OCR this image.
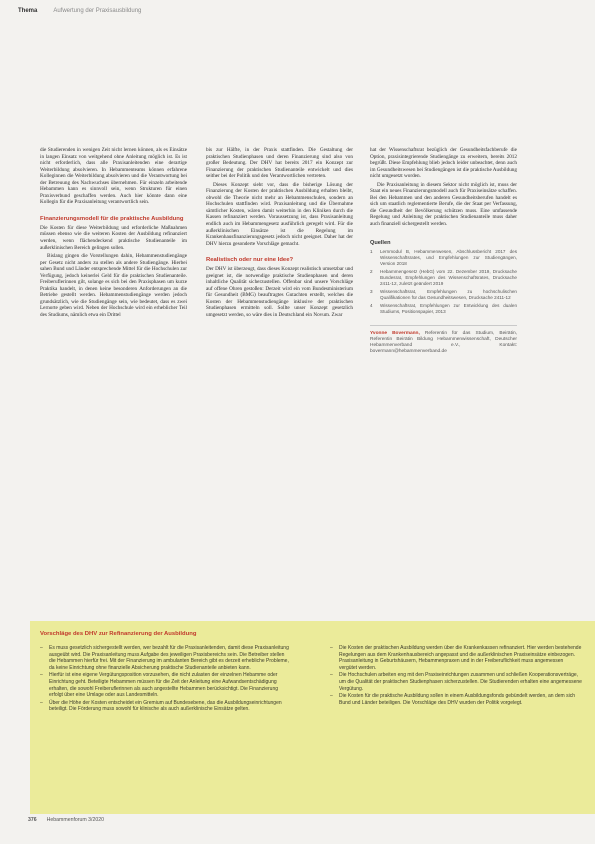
Thema	Aufwertung der Praxisausbildung

die Studierenden in wenigen Zeit nicht lernen können, als es Einsätze in langen Einsatz von weitgehend ohne Anleitung möglich ist. Es ist nicht erforderlich, dass alle Praxisanleitenden eine derartige Weiterbildung absolvieren. In Hebammenteams können erfahrene Kolleginnen die Weiterbildung absolvieren und die Verantwortung bei der Betreuung des Nachwuchses übernehmen. Für einzeln arbeitende Hebammen kann es sinnvoll sein, wenn Strukturen für einen Praxisverbund geschaffen werden. Auch hier könnte dann eine Kollegin für die Praxisanleitung verantwortlich sein.

Finanzierungsmodell für die praktische Ausbildung

Die Kosten für diese Weiterbildung und erforderliche Maßnahmen müssen ebenso wie die weiteren Kosten der Ausbildung refinanziert werden, wenn flächendeckend praktische Studienanteile im außerklinischen Bereich gelingen sollen.

Bislang gingen die Vorstellungen dahin, Hebammenstudiengänge per Gesetz nicht anders zu stellen als andere Studiengänge. Hierbei sahen Bund und Länder entsprechende Mittel für die Hochschulen zur Verfügung, jedoch keinerlei Geld für die praktischen Studienanteile. Freiberuflerinnen gilt, solange es sich bei den Praxisphasen um kurze Praktika handelt, in denen keine besonderen Anforderungen an die Betriebe gestellt werden. Hebammenstudiengänge werden jedoch grundsätzlich, wie die Studiengänge sein, wie bedeutet, dass es zwei Lernorte geben wird. Neben der Hochschule wird ein erheblicher Teil des Studiums, nämlich etwa ein Drittel

bis zur Hälfte, in der Praxis stattfinden. Die Gestaltung der praktischen Studienphasen und deren Finanzierung sind also von großer Bedeutung. Der DHV hat bereits 2017 ein Konzept zur Finanzierung der praktischen Studienanteile entwickelt und dies seither bei der Politik und den Verantwortlichen vertreten.

Dieses Konzept sieht vor, dass die bisherige Lösung der Finanzierung der Kosten der praktischen Ausbildung erhalten bleibt, obwohl die Theorie nicht mehr an Hebammenschulen, sondern an Hochschulen stattfinden wird. Praxisanleitung und die Übernahme sämtlicher Kosten, wären damit weiterhin in den Kliniken durch die Kassen refinanziert werden. Voraussetzung ist, dass Praxisanleitung endlich auch im Hebammengesetz ausführlich geregelt wird. Für die außerklinischen Einsätze ist die Regelung im Krankenhausfinanzierungsgesetz jedoch nicht geeignet. Daher hat der DHV hierzu gesonderte Vorschläge gemacht.

Realistisch oder nur eine Idee?

Der DHV ist überzeugt, dass dieses Konzept realistisch umsetzbar und geeignet ist, die notwendige praktische Studienphasen und deren inhaltliche Qualität sicherzustellen. Offenbar sind unsere Vorschläge auf offene Ohren gestoßen: Derzeit wird ein vom Bundesministerium für Gesundheit (BMG) beauftragtes Gutachten erstellt, welches die Kosten der Hebammenstudiengänge inklusive der praktischen Studienphasen ermitteln soll. Sollte unser Konzept gesetzlich umgesetzt werden, so wäre dies in Deutschland ein Novum. Zwar

hat der Wissenschaftsrat bezüglich der Gesundheitsfachberufe die Option, praxisintegrierende Studiengänge zu erweitern, bereits 2012 begrüßt. Diese Empfehlung blieb jedoch leider unbeachtet, denn auch im Gesundheitswesen bei Studiengängen ist die praktische Ausbildung nicht umgesetzt worden.

Die Praxisanleitung in diesem Sektor nicht möglich ist, muss der Staat ein neues Finanzierungsmodell auch für Praxiseinsätze schaffen. Bei den Hebammen und den anderen Gesundheitsberufen handelt es sich um staatlich reglementierte Berufe, die der Staat per Verfassung, die Gesundheit der Bevölkerung schützen muss. Eine umfassende Regelung und Anleitung der praktischen Studienanteile muss daher auch finanziell sichergestellt werden.

Quellen
1	Lernmodul B, Hebammenwesen, Abschlussbericht 2017 des Wissenschaftsrates, und Empfehlungen zur Studiengängen, Version 2018
2	Hebammengesetz (HebG) vom 22. Dezember 2019, Drucksache Bundesrat, Empfehlungen des Wissenschaftsrates, Drucksache 2411-12, zuletzt geändert 2019
3	Wissenschaftsrat, Empfehlungen zu hochschulischen Qualifikationen für das Gesundheitswesen, Drucksache 2411-12
4	Wissenschaftsrat, Empfehlungen zur Entwicklung des dualen Studiums, Positionspapier, 2013
Yvonne Bovermann, Referentin für das Studium, Beirätin, Referentin Beirätin Bildung Hebammenwissenschaft, Deutscher Hebammenverband e.V., Kontakt: bovermann@hebammenverband.de
Vorschläge des DHV zur Refinanzierung der Ausbildung
– Es muss gesetzlich sichergestellt werden, wer bezahlt für die Praxisanleitenden, damit diese Praxisanleitung ausgeübt wird. Die Praxisanleitung muss Aufgabe des jeweiligen Praxisbereichs sein. Die Betreiber stellen die Hebammen hierfür frei. Mit der Finanzierung im ambulanten Bereich gibt es derzeit erhebliche Probleme, da keine Einrichtung ohne finanzielle Absicherung praktische Studienanteile anbieten kann.
– Hierfür ist eine eigene Vergütungsposition vorzusehen, die nicht zulasten der einzelnen Hebamme oder Einrichtung geht. Beteiligte Hebammen müssen für die Zeit der Anleitung eine Aufwandsentschädigung erhalten, die sowohl Freiberuflerinnen als auch angestellte Hebammen berücksichtigt. Die Finanzierung erfolgt über eine Umlage oder aus Landesmitteln.
– Über die Höhe der Kosten entscheidet ein Gremium auf Bundesebene, das die Ausbildungseinrichtungen beteiligt. Die Förderung muss sowohl für klinische als auch außerklinische Einsätze gelten.
– Die Kosten der praktischen Ausbildung werden über die Krankenkassen refinanziert. Hier werden bestehende Regelungen aus dem Krankenhausbereich angepasst und die außerklinischen Praxiseinsätze einbezogen. Praxisanleitung in Geburtshäusern, Hebammenpraxen und in der Freiberuflichkeit muss angemessen vergütet werden.
– Die Hochschulen arbeiten eng mit den Praxiseinrichtungen zusammen und schließen Kooperationsverträge, um die Qualität der praktischen Studienphasen sicherzustellen. Die Studierenden erhalten eine angemessene Vergütung.
– Die Kosten für die praktische Ausbildung sollen in einem Ausbildungsfonds gebündelt werden, an dem sich Bund und Länder beteiligen. Die Vorschläge des DHV wurden der Politik vorgelegt.
376 Hebammenforum 3/2020
